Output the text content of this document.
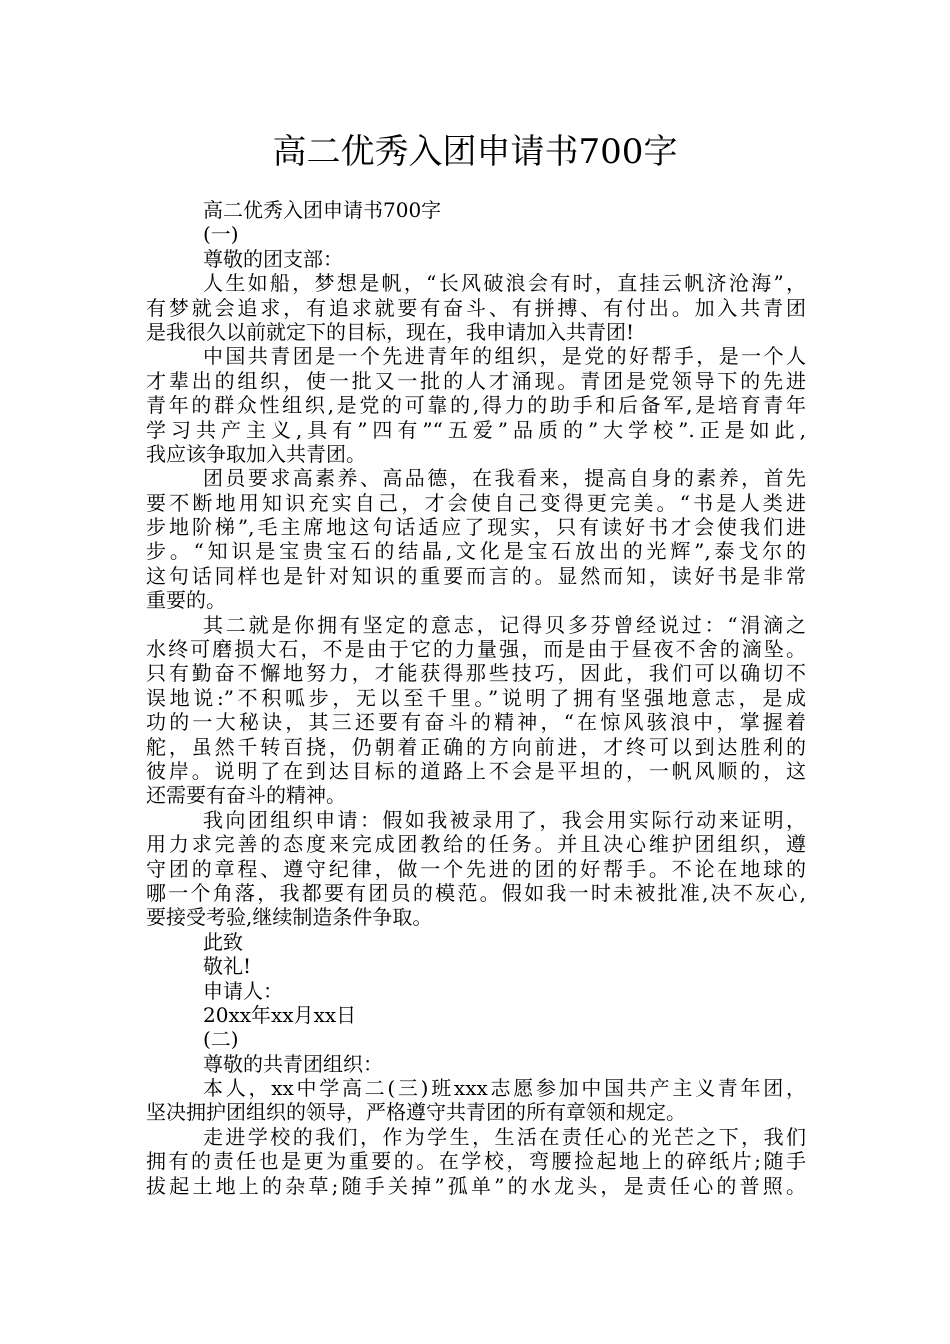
高二优秀入团申请书700字
高二优秀入团申请书700字
(一)
尊敬的团支部：
人生如船，梦想是帆，“长风破浪会有时，直挂云帆济沧海”，
有梦就会追求，有追求就要有奋斗、有拼搏、有付出。加入共青团
是我很久以前就定下的目标，现在，我申请加入共青团!
中国共青团是一个先进青年的组织，是党的好帮手，是一个人
才辈出的组织，使一批又一批的人才涌现。青团是党领导下的先进
青年的群众性组织,是党的可靠的,得力的助手和后备军,是培育青年
学习共产主义,具有”四有”“五爱”品质的”大学校”.正是如此,
我应该争取加入共青团。
团员要求高素养、高品德，在我看来，提高自身的素养，首先
要不断地用知识充实自己，才会使自己变得更完美。“书是人类进
步地阶梯”,毛主席地这句话适应了现实，只有读好书才会使我们进
步。“知识是宝贵宝石的结晶,文化是宝石放出的光辉”,泰戈尔的
这句话同样也是针对知识的重要而言的。显然而知，读好书是非常
重要的。
其二就是你拥有坚定的意志，记得贝多芬曾经说过：“涓滴之
水终可磨损大石，不是由于它的力量强，而是由于昼夜不舍的滴坠。
只有勤奋不懈地努力，才能获得那些技巧，因此，我们可以确切不
误地说:”不积呱步，无以至千里。”说明了拥有坚强地意志，是成
功的一大秘诀，其三还要有奋斗的精神，“在惊风骇浪中，掌握着
舵，虽然千转百挠，仍朝着正确的方向前进，才终可以到达胜利的
彼岸。说明了在到达目标的道路上不会是平坦的，一帆风顺的，这
还需要有奋斗的精神。
我向团组织申请：假如我被录用了，我会用实际行动来证明，
用力求完善的态度来完成团教给的任务。并且决心维护团组织，遵
守团的章程、遵守纪律，做一个先进的团的好帮手。不论在地球的
哪一个角落，我都要有团员的模范。假如我一时未被批准,决不灰心,
要接受考验,继续制造条件争取。
此致
敬礼!
申请人：
20xx年xx月xx日
(二)
尊敬的共青团组织：
本人，xx中学高二(三)班xxx志愿参加中国共产主义青年团，
坚决拥护团组织的领导，严格遵守共青团的所有章领和规定。
走进学校的我们，作为学生，生活在责任心的光芒之下，我们
拥有的责任也是更为重要的。在学校，弯腰捡起地上的碎纸片;随手
拔起土地上的杂草;随手关掉”孤单”的水龙头，是责任心的普照。
